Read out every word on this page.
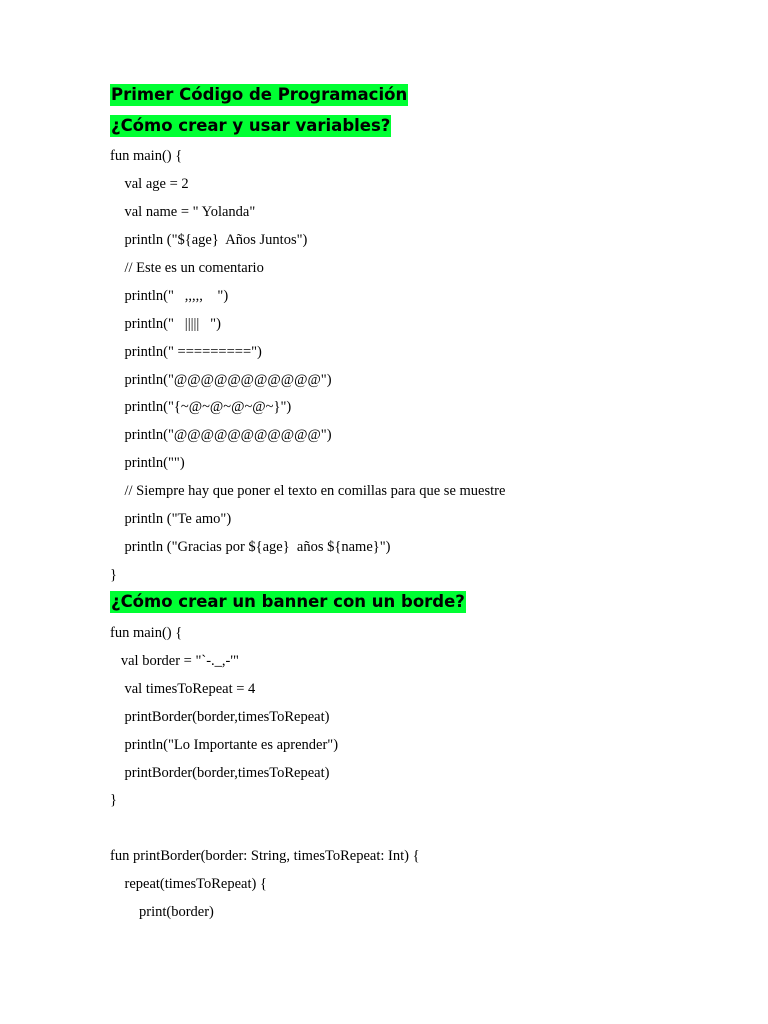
Primer Código de Programación
¿Cómo crear y usar variables?
fun main() {
val age = 2
val name = " Yolanda"
println ("${age}  Años Juntos")
// Este es un comentario
println("   ,,,,,    ")
println("   |||||   ")
println(" =========")
println("@@@@@@@@@@@")
println("{~@~@~@~@~}")
println("@@@@@@@@@@@")
println("")
// Siempre hay que poner el texto en comillas para que se muestre
println ("Te amo")
println ("Gracias por ${age}  años ${name}")
}
¿Cómo crear un banner con un borde?
fun main() {
val border = "`-._,-'"
val timesToRepeat = 4
printBorder(border,timesToRepeat)
println("Lo Importante es aprender")
printBorder(border,timesToRepeat)
}
fun printBorder(border: String, timesToRepeat: Int) {
repeat(timesToRepeat) {
print(border)
